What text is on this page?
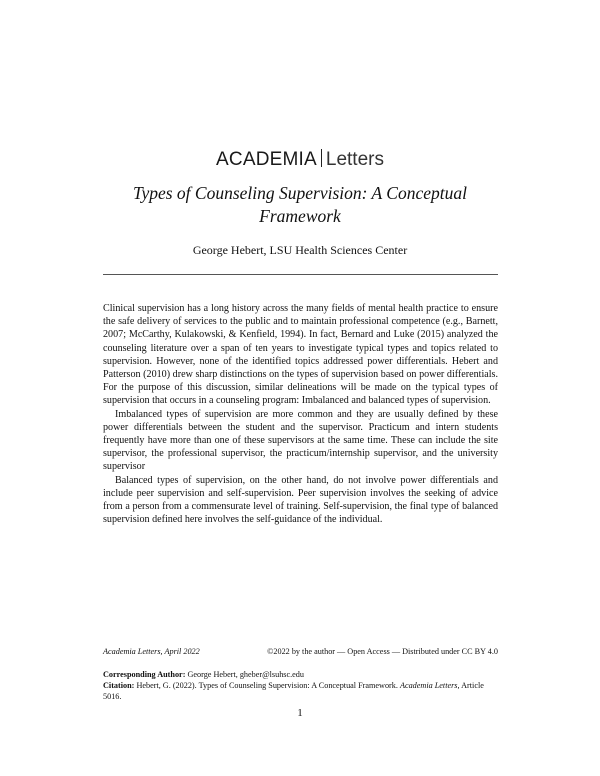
ACADEMIA Letters
Types of Counseling Supervision: A Conceptual Framework
George Hebert, LSU Health Sciences Center

Clinical supervision has a long history across the many fields of mental health practice to ensure the safe delivery of services to the public and to maintain professional competence (e.g., Barnett, 2007; McCarthy, Kulakowski, & Kenfield, 1994). In fact, Bernard and Luke (2015) analyzed the counseling literature over a span of ten years to investigate typical types and topics related to supervision. However, none of the identified topics addressed power differentials. Hebert and Patterson (2010) drew sharp distinctions on the types of supervision based on power differentials. For the purpose of this discussion, similar delineations will be made on the typical types of supervision that occurs in a counseling program: Imbalanced and balanced types of supervision.

Imbalanced types of supervision are more common and they are usually defined by these power differentials between the student and the supervisor. Practicum and intern students frequently have more than one of these supervisors at the same time. These can include the site supervisor, the professional supervisor, the practicum/internship supervisor, and the university supervisor

Balanced types of supervision, on the other hand, do not involve power differentials and include peer supervision and self-supervision. Peer supervision involves the seeking of advice from a person from a commensurate level of training. Self-supervision, the final type of balanced supervision defined here involves the self-guidance of the individual.

Academia Letters, April 2022	©2022 by the author — Open Access — Distributed under CC BY 4.0

Corresponding Author: George Hebert, gheber@lsuhsc.edu

Citation: Hebert, G. (2022). Types of Counseling Supervision: A Conceptual Framework. Academia Letters, Article 5016.

1
